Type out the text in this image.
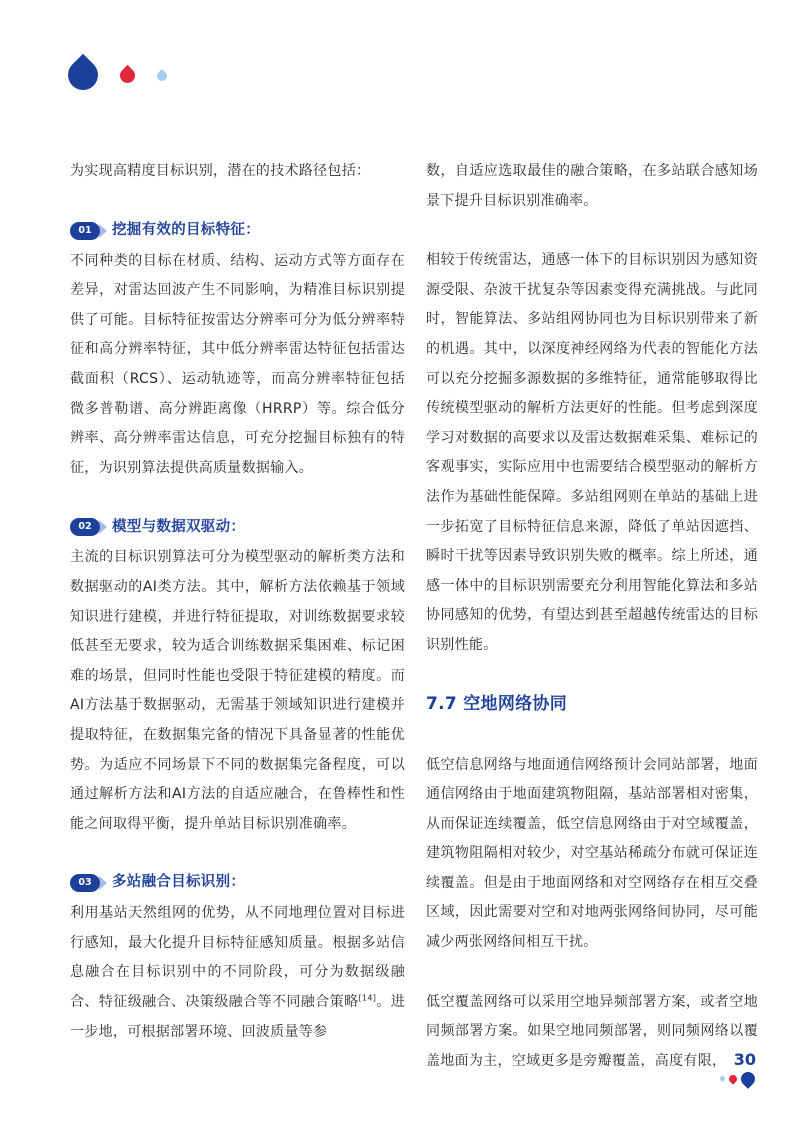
为实现高精度目标识别，潜在的技术路径包括：

01	挖掘有效的目标特征：

不同种类的目标在材质、结构、运动方式等方面存在差异，对雷达回波产生不同影响，为精准目标识别提供了可能。目标特征按雷达分辨率可分为低分辨率特征和高分辨率特征，其中低分辨率雷达特征包括雷达截面积（RCS）、运动轨迹等，而高分辨率特征包括微多普勒谱、高分辨距离像（HRRP）等。综合低分辨率、高分辨率雷达信息，可充分挖掘目标独有的特征，为识别算法提供高质量数据输入。

02	模型与数据双驱动：

主流的目标识别算法可分为模型驱动的解析类方法和数据驱动的AI类方法。其中，解析方法依赖基于领域知识进行建模，并进行特征提取，对训练数据要求较低甚至无要求，较为适合训练数据采集困难、标记困难的场景，但同时性能也受限于特征建模的精度。而AI方法基于数据驱动，无需基于领域知识进行建模并提取特征，在数据集完备的情况下具备显著的性能优势。为适应不同场景下不同的数据集完备程度，可以通过解析方法和AI方法的自适应融合，在鲁棒性和性能之间取得平衡，提升单站目标识别准确率。

03	多站融合目标识别：

利用基站天然组网的优势，从不同地理位置对目标进行感知，最大化提升目标特征感知质量。根据多站信息融合在目标识别中的不同阶段，可分为数据级融合、特征级融合、决策级融合等不同融合策略[14]。进一步地，可根据部署环境、回波质量等参

数，自适应选取最佳的融合策略，在多站联合感知场景下提升目标识别准确率。

相较于传统雷达，通感一体下的目标识别因为感知资源受限、杂波干扰复杂等因素变得充满挑战。与此同时，智能算法、多站组网协同也为目标识别带来了新的机遇。其中，以深度神经网络为代表的智能化方法可以充分挖掘多源数据的多维特征，通常能够取得比传统模型驱动的解析方法更好的性能。但考虑到深度学习对数据的高要求以及雷达数据难采集、难标记的客观事实，实际应用中也需要结合模型驱动的解析方法作为基础性能保障。多站组网则在单站的基础上进一步拓宽了目标特征信息来源，降低了单站因遮挡、瞬时干扰等因素导致识别失败的概率。综上所述，通感一体中的目标识别需要充分利用智能化算法和多站协同感知的优势，有望达到甚至超越传统雷达的目标识别性能。

7.7 空地网络协同

低空信息网络与地面通信网络预计会同站部署，地面通信网络由于地面建筑物阻隔，基站部署相对密集，从而保证连续覆盖，低空信息网络由于对空域覆盖，建筑物阻隔相对较少，对空基站稀疏分布就可保证连续覆盖。但是由于地面网络和对空网络存在相互交叠区域，因此需要对空和对地两张网络间协同，尽可能减少两张网络间相互干扰。

低空覆盖网络可以采用空地异频部署方案，或者空地同频部署方案。如果空地同频部署，则同频网络以覆盖地面为主，空域更多是旁瓣覆盖，高度有限， 30
